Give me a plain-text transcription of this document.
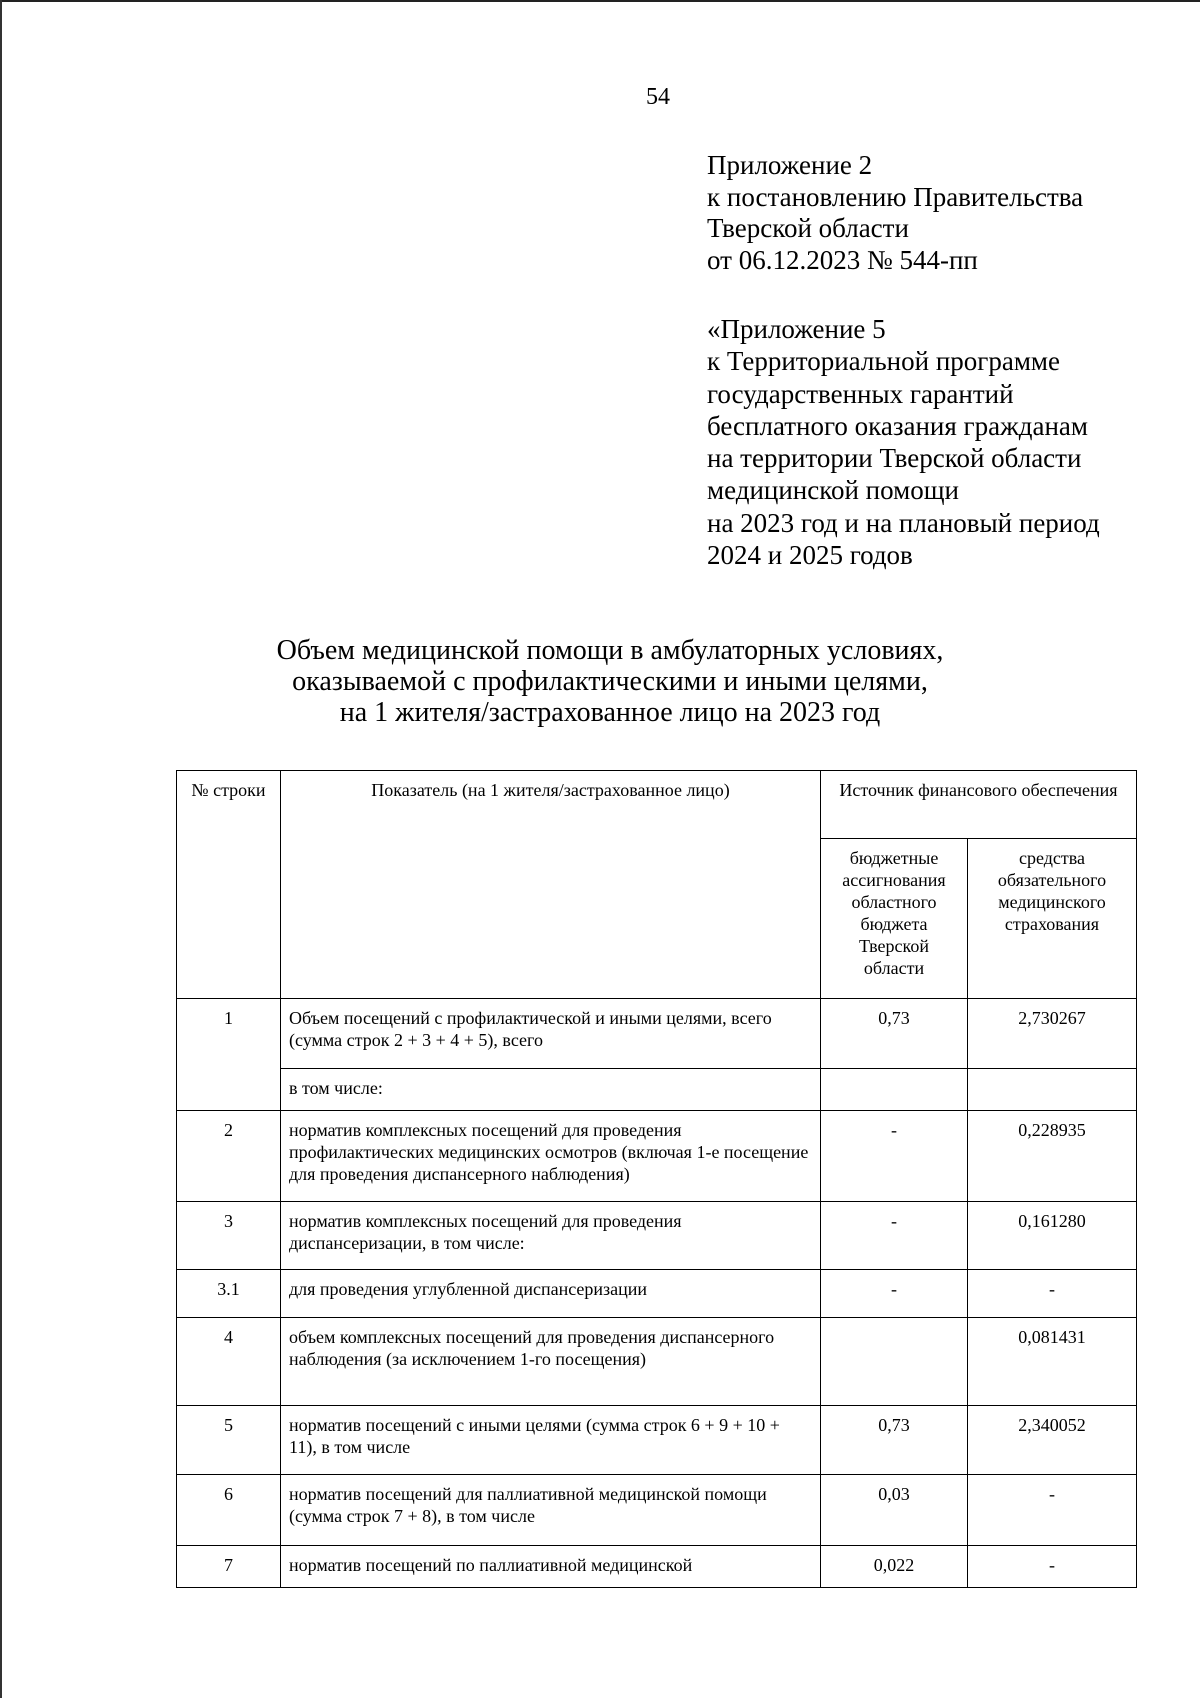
54
Приложение 2
к постановлению Правительства
Тверской области
от 06.12.2023 № 544-пп
«Приложение 5
к Территориальной программе
государственных гарантий
бесплатного оказания гражданам
на территории Тверской области
медицинской помощи
на 2023 год и на плановый период
2024 и 2025 годов
Объем медицинской помощи в амбулаторных условиях,
оказываемой с профилактическими и иными целями,
на 1 жителя/застрахованное лицо на 2023 год
№ строки	Показатель (на 1 жителя/застрахованное лицо)	Источник финансового обеспечения	
		бюджетные ассигнования областного бюджета Тверской области	средства обязательного медицинского страхования
1	Объем посещений с профилактической и иными целями, всего (сумма строк 2 + 3 + 4 + 5), всего	0,73	2,730267
	в том числе:		
2	норматив комплексных посещений для проведения профилактических медицинских осмотров (включая 1-е посещение для проведения диспансерного наблюдения)	-	0,228935
3	норматив комплексных посещений для проведения диспансеризации, в том числе:	-	0,161280
3.1	для проведения углубленной диспансеризации	-	-
4	объем комплексных посещений для проведения диспансерного наблюдения (за исключением 1-го посещения)		0,081431
5	норматив посещений с иными целями (сумма строк 6 + 9 + 10 + 11), в том числе	0,73	2,340052
6	норматив посещений для паллиативной медицинской помощи (сумма строк 7 + 8), в том числе	0,03	-
7	норматив посещений по паллиативной медицинской	0,022	-
